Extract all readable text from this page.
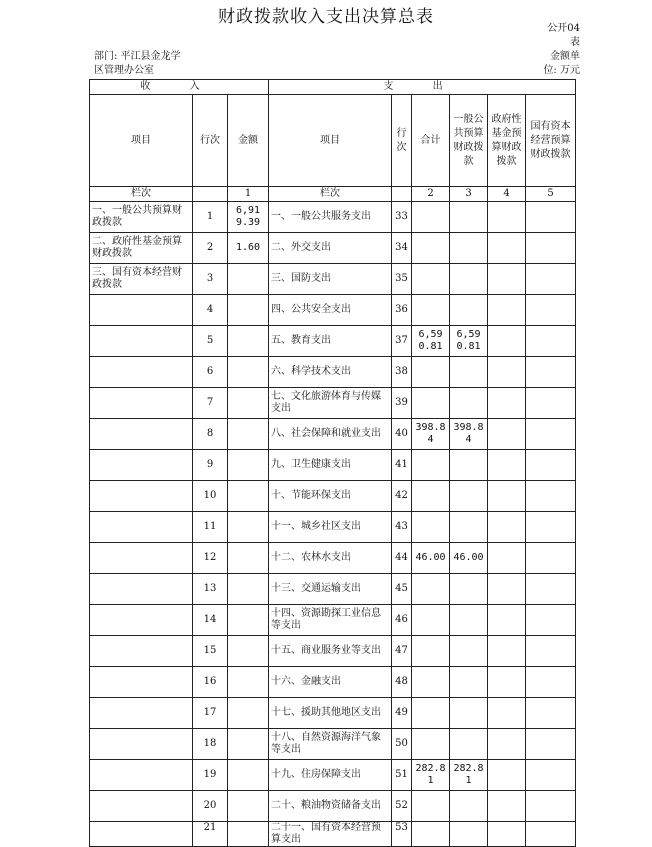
财政拨款收入支出决算总表
公开04
表
部门: 平江县金龙学
区管理办公室
金额单
位: 万元
收 入			支 出					
项目	行次	金额	项目	行次	合计	一般公共预算财政拨款	政府性基金预算财政拨款	国有资本经营预算财政拨款
栏次		1	栏次		2	3	4	5
一、一般公共预算财政拨款	1	6,919.39	一、一般公共服务支出	33				
二、政府性基金预算财政拨款	2	1.60	二、外交支出	34				
三、国有资本经营财政拨款	3		三、国防支出	35				
	4		四、公共安全支出	36				
	5		五、教育支出	37	6,590.81	6,590.81		
	6		六、科学技术支出	38				
	7		七、文化旅游体育与传媒支出	39				
	8		八、社会保障和就业支出	40	398.84	398.84		
	9		九、卫生健康支出	41				
	10		十、节能环保支出	42				
	11		十一、城乡社区支出	43				
	12		十二、农林水支出	44	46.00	46.00		
	13		十三、交通运输支出	45				
	14		十四、资源勘探工业信息等支出	46				
	15		十五、商业服务业等支出	47				
	16		十六、金融支出	48				
	17		十七、援助其他地区支出	49				
	18		十八、自然资源海洋气象等支出	50				
	19		十九、住房保障支出	51	282.81	282.81		
	20		二十、粮油物资储备支出	52				
	21		二十一、国有资本经营预算支出	53				
